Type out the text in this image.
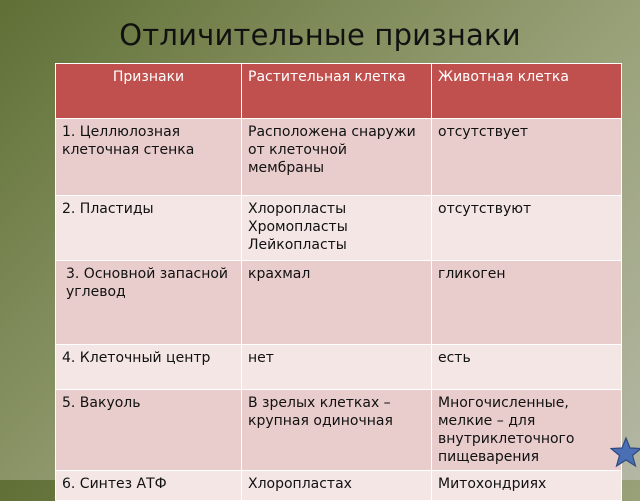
Отличительные признаки
Признаки	Растительная клетка	Животная клетка
1. Целлюлозная клеточная стенка	Расположена снаружи от клеточной мембраны	отсутствует
2. Пластиды	Хлоропласты Хромопласты Лейкопласты	отсутствуют
3. Основной запасной углевод	крахмал	гликоген
4. Клеточный центр	нет	есть
5. Вакуоль	В зрелых клетках – крупная одиночная	Многочисленные, мелкие – для внутриклеточного пищеварения
6. Синтез АТФ	Хлоропластах	Митохондриях
